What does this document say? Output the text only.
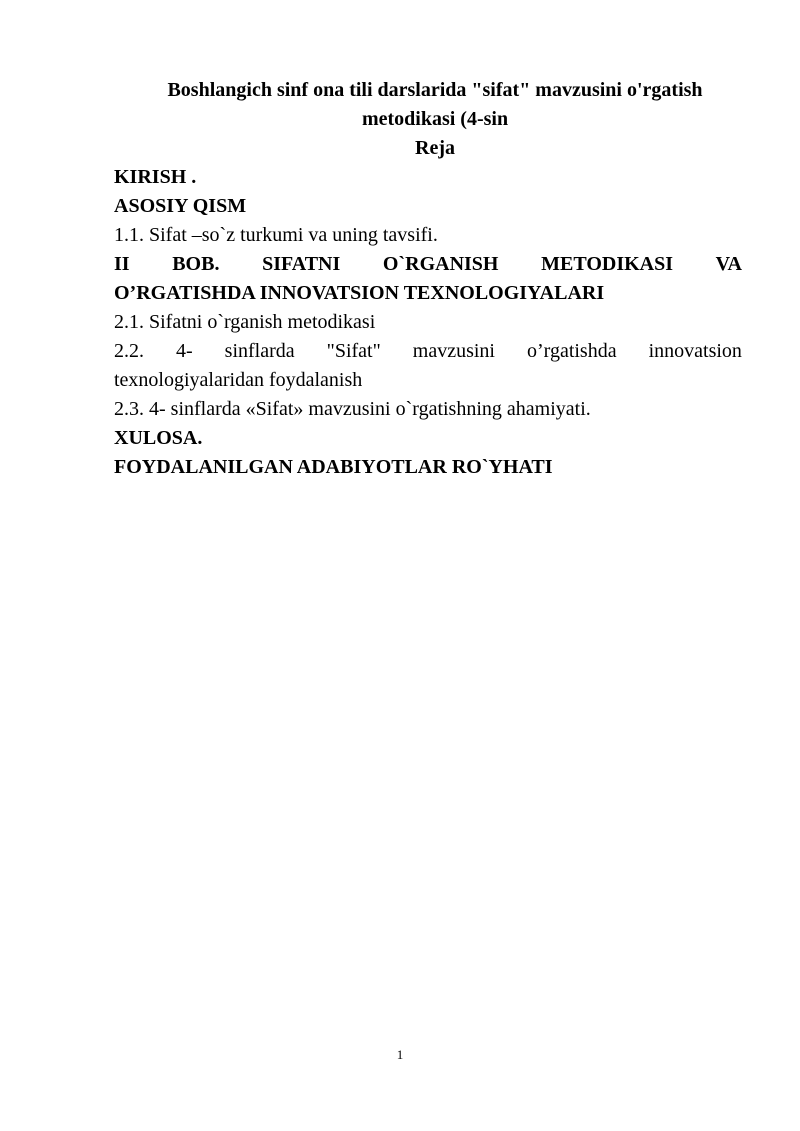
Boshlangich sinf ona tili darslarida "sifat" mavzusini o'rgatish metodikasi (4-sin

Reja

KIRISH .

ASOSIY QISM

1.1. Sifat –so`z turkumi va uning tavsifi.

II BOB. SIFATNI O`RGANISH METODIKASI VA

O’RGATISHDA INNOVATSION TEXNOLOGIYALARI

2.1. Sifatni o`rganish metodikasi

2.2. 4- sinflarda "Sifat" mavzusini o’rgatishda innovatsion

texnologiyalaridan foydalanish

2.3. 4- sinflarda «Sifat» mavzusini o`rgatishning ahamiyati.

XULOSA.

FOYDALANILGAN ADABIYOTLAR RO`YHATI

1
